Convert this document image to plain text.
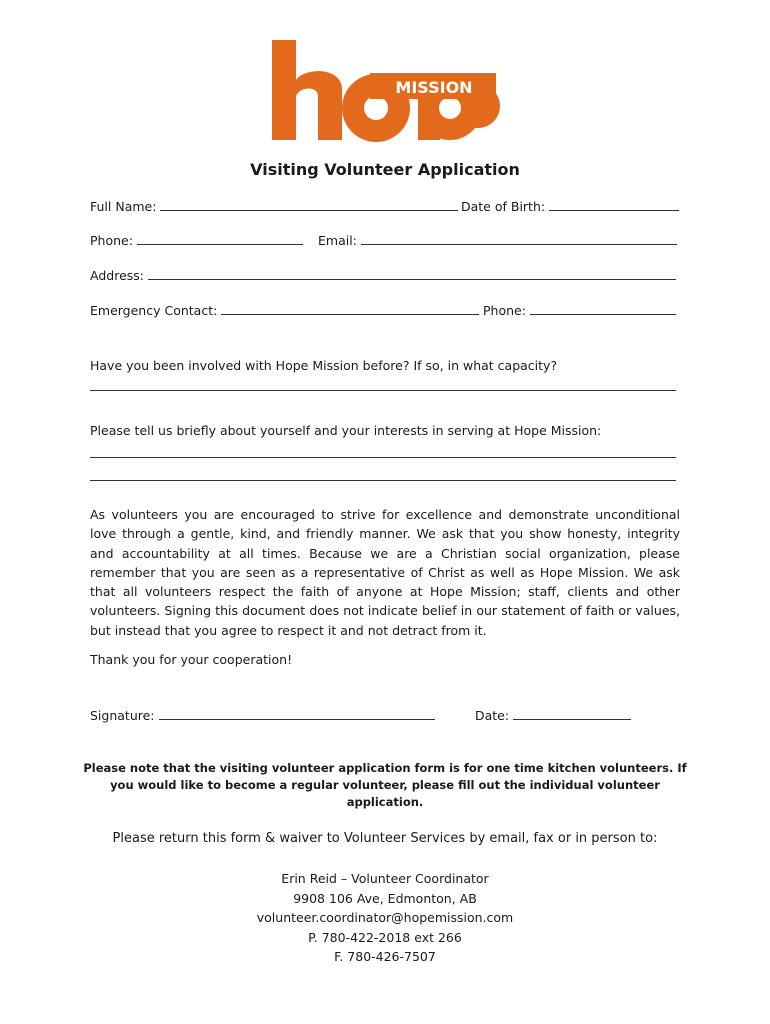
MISSION
Visiting Volunteer Application
Full Name:	Date of Birth:
Phone:	Email:
Address:
Emergency Contact:	Phone:
Have you been involved with Hope Mission before? If so, in what capacity?
Please tell us briefly about yourself and your interests in serving at Hope Mission:
As volunteers you are encouraged to strive for excellence and demonstrate unconditional love through a gentle, kind, and friendly manner. We ask that you show honesty, integrity and accountability at all times. Because we are a Christian social organization, please remember that you are seen as a representative of Christ as well as Hope Mission. We ask that all volunteers respect the faith of anyone at Hope Mission; staff, clients and other volunteers. Signing this document does not indicate belief in our statement of faith or values, but instead that you agree to respect it and not detract from it.
Thank you for your cooperation!
Signature:	Date:
Please note that the visiting volunteer application form is for one time kitchen volunteers. If you would like to become a regular volunteer, please fill out the individual volunteer application.
Please return this form & waiver to Volunteer Services by email, fax or in person to:
Erin Reid – Volunteer Coordinator
9908 106 Ave, Edmonton, AB
volunteer.coordinator@hopemission.com
P. 780-422-2018 ext 266
F. 780-426-7507
